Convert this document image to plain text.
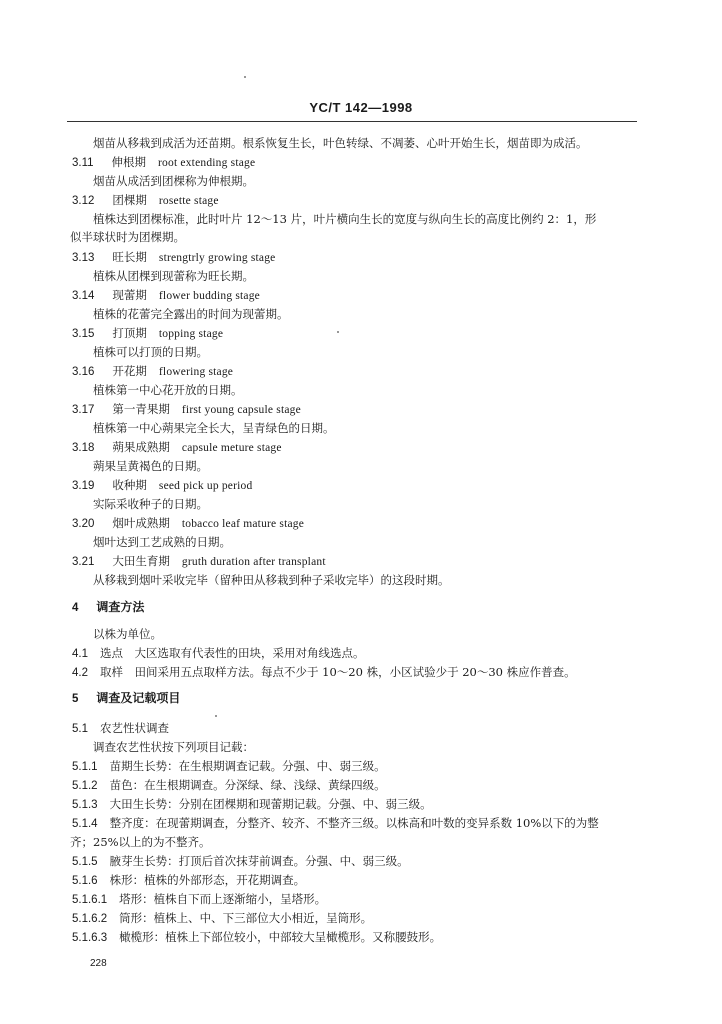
YC/T 142—1998
烟苗从移栽到成活为还苗期。根系恢复生长，叶色转绿、不凋萎、心叶开始生长，烟苗即为成活。
3.11 伸根期 root extending stage
烟苗从成活到团棵称为伸根期。
3.12 团棵期 rosette stage
植株达到团棵标准，此时叶片 12～13 片，叶片横向生长的宽度与纵向生长的高度比例约 2：1，形
似半球状时为团棵期。
3.13 旺长期 strengtrly growing stage
植株从团棵到现蕾称为旺长期。
3.14 现蕾期 flower budding stage
植株的花蕾完全露出的时间为现蕾期。
3.15 打顶期 topping stage
植株可以打顶的日期。
3.16 开花期 flowering stage
植株第一中心花开放的日期。
3.17 第一青果期 first young capsule stage
植株第一中心蒴果完全长大，呈青绿色的日期。
3.18 蒴果成熟期 capsule meture stage
蒴果呈黄褐色的日期。
3.19 收种期 seed pick up period
实际采收种子的日期。
3.20 烟叶成熟期 tobacco leaf mature stage
烟叶达到工艺成熟的日期。
3.21 大田生育期 gruth duration after transplant
从移栽到烟叶采收完毕（留种田从移栽到种子采收完毕）的这段时期。
4 调查方法
以株为单位。
4.1 选点　大区选取有代表性的田块，采用对角线选点。
4.2 取样　田间采用五点取样方法。每点不少于 10～20 株，小区试验少于 20～30 株应作普查。
5 调查及记载项目
5.1 农艺性状调查
调查农艺性状按下列项目记载：
5.1.1 苗期生长势：在生根期调查记载。分强、中、弱三级。
5.1.2 苗色：在生根期调查。分深绿、绿、浅绿、黄绿四级。
5.1.3 大田生长势：分别在团棵期和现蕾期记载。分强、中、弱三级。
5.1.4 整齐度：在现蕾期调查，分整齐、较齐、不整齐三级。以株高和叶数的变异系数 10%以下的为整
齐；25%以上的为不整齐。
5.1.5 腋芽生长势：打顶后首次抹芽前调查。分强、中、弱三级。
5.1.6 株形：植株的外部形态，开花期调查。
5.1.6.1 塔形：植株自下而上逐渐缩小，呈塔形。
5.1.6.2 筒形：植株上、中、下三部位大小相近，呈筒形。
5.1.6.3 橄榄形：植株上下部位较小，中部较大呈橄榄形。又称腰鼓形。
228
